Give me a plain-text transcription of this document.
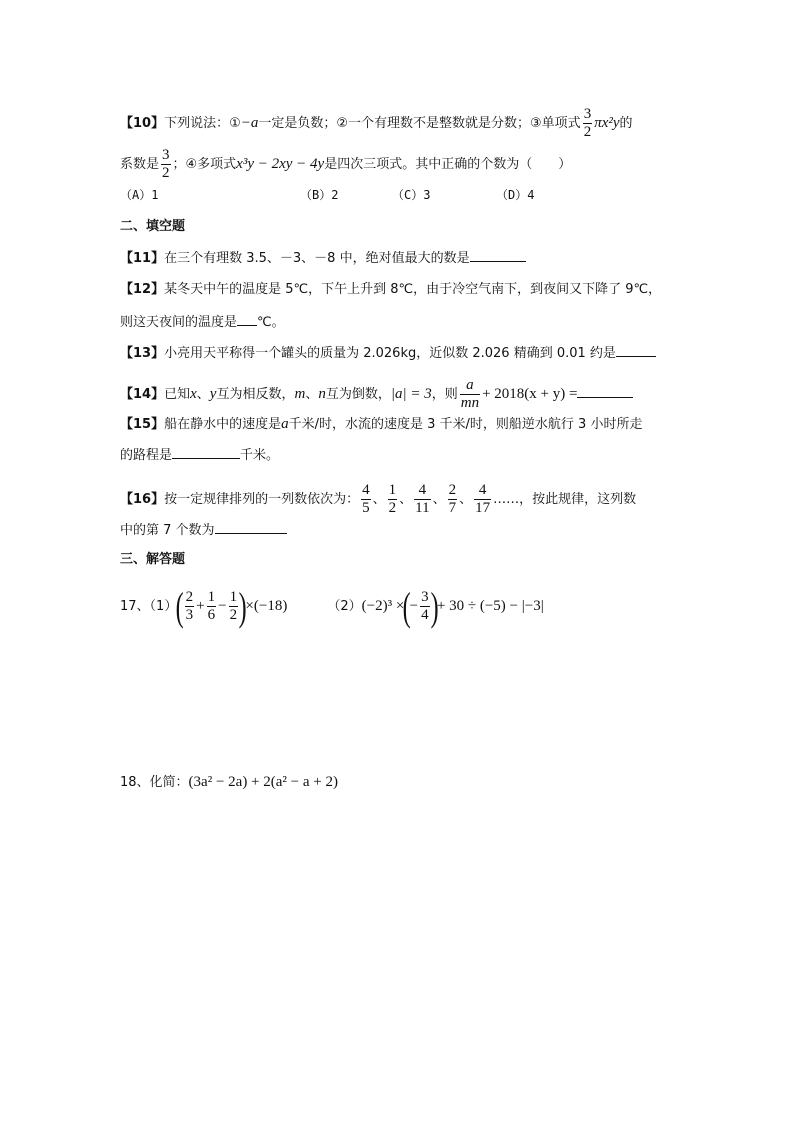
【10】下列说法：①−a一定是负数；②一个有理数不是整数就是分数；③单项式 $\frac{3}{2} \pi x^2y$的
系数是 $\frac{3}{2}$ ；④多项式x³y − 2xy − 4y是四次三项式。其中正确的个数为（　　）
（A）1	（B）2	（C）3	（D）4
二、填空题
【11】在三个有理数 3.5、－3、－8 中，绝对值最大的数是
【12】某冬天中午的温度是 5℃，下午上升到 8℃，由于冷空气南下，到夜间又下降了 9℃，
则这天夜间的温度是 ℃。
【13】小亮用天平称得一个罐头的质量为 2.026kg，近似数 2.026 精确到 0.01 约是
【14】已知x、y互为相反数，m、n互为倒数，|a| = 3，则 $\frac{a}{mn} + 2018(x + y)$ =
【15】船在静水中的速度是a千米/时，水流的速度是 3 千米/时，则船逆水航行 3 小时所走
的路程是	千米。
【16】按一定规律排列的一列数依次为： $\frac{4}{5}$ 、 $\frac{1}{2}$ 、 $\frac{4}{11}$ 、 $\frac{2}{7}$ 、 $\frac{4}{17}$ ……，按此规律，这列数
中的第 7 个数为
三、解答题
17、$(1)( \frac{2}{3} + \frac{1}{6} - \frac{1}{2} )\times(-18)$	（2）(−2)³ ×(− $\frac{3}{4}$ )+ 30 ÷ (−5) − |−3|
18、化简：(3a² − 2a) + 2(a² − a + 2)
